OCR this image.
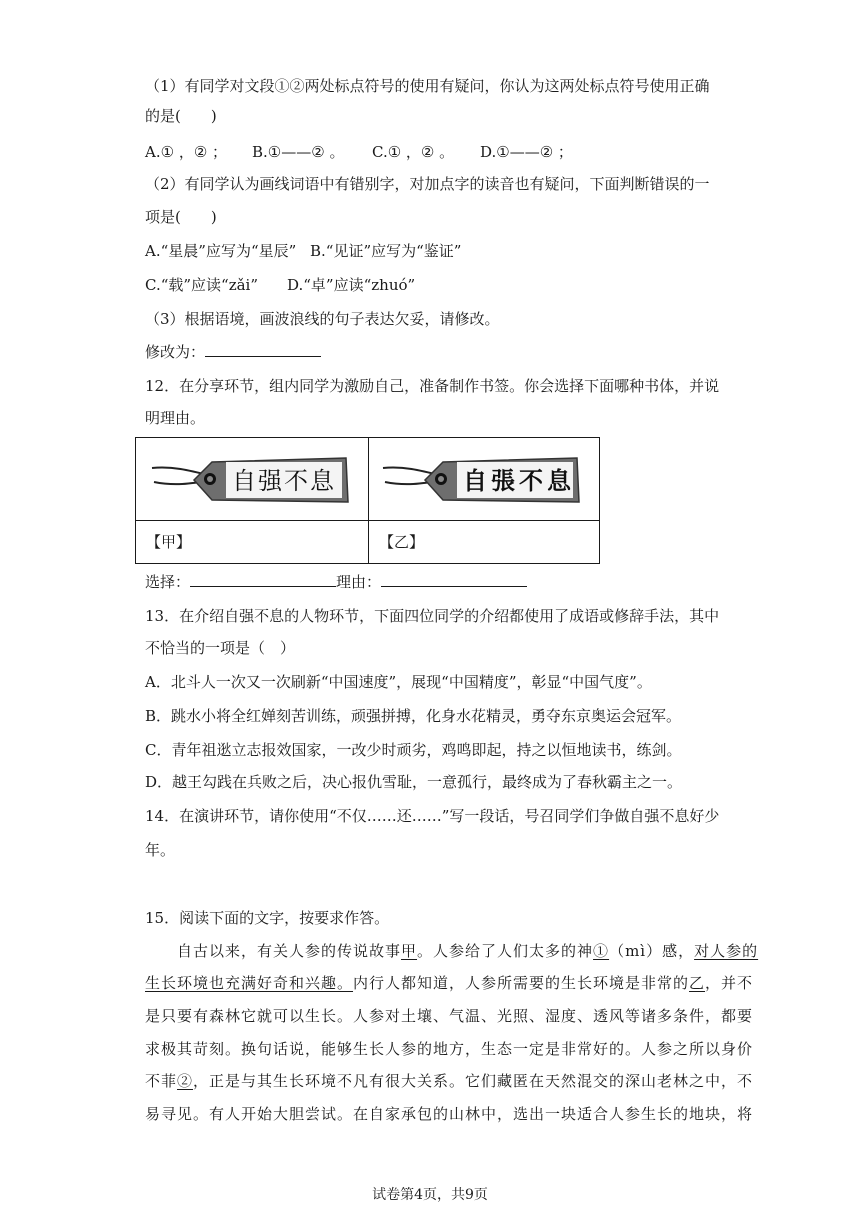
（1）有同学对文段①②两处标点符号的使用有疑问，你认为这两处标点符号使用正确
的是(　　)
A.① ，② ； B.①——② 。 C.① ，② 。 D.①——② ；
（2）有同学认为画线词语中有错别字，对加点字的读音也有疑问，下面判断错误的一
项是(　　)
A.“星晨”应写为“星辰” B.“见证”应写为“鉴证”
C.“载”应读“zǎi” D.“卓”应读“zhuó”
（3）根据语境，画波浪线的句子表达欠妥，请修改。
修改为：
12．在分享环节，组内同学为激励自己，准备制作书签。你会选择下面哪种书体，并说
明理由。
自强不息	自張不息

【甲】	【乙】
选择：	理由：
13．在介绍自强不息的人物环节，下面四位同学的介绍都使用了成语或修辞手法，其中
不恰当的一项是（　）
A．北斗人一次又一次刷新“中国速度”，展现“中国精度”，彰显“中国气度”。
B．跳水小将全红婵刻苦训练，顽强拼搏，化身水花精灵，勇夺东京奥运会冠军。
C．青年祖逖立志报效国家，一改少时顽劣，鸡鸣即起，持之以恒地读书，练剑。
D．越王勾践在兵败之后，决心报仇雪耻，一意孤行，最终成为了春秋霸主之一。
14．在演讲环节，请你使用“不仅……还……”写一段话，号召同学们争做自强不息好少
年。
15．阅读下面的文字，按要求作答。
　　自古以来，有关人参的传说故事甲。人参给了人们太多的神①（mì）感，对人参的
生长环境也充满好奇和兴趣。内行人都知道，人参所需要的生长环境是非常的乙，并不
是只要有森林它就可以生长。人参对土壤、气温、光照、湿度、透风等诸多条件，都要
求极其苛刻。换句话说，能够生长人参的地方，生态一定是非常好的。人参之所以身价
不菲②，正是与其生长环境不凡有很大关系。它们藏匿在天然混交的深山老林之中，不
易寻见。有人开始大胆尝试。在自家承包的山林中，选出一块适合人参生长的地块，将
试卷第4页，共9页
